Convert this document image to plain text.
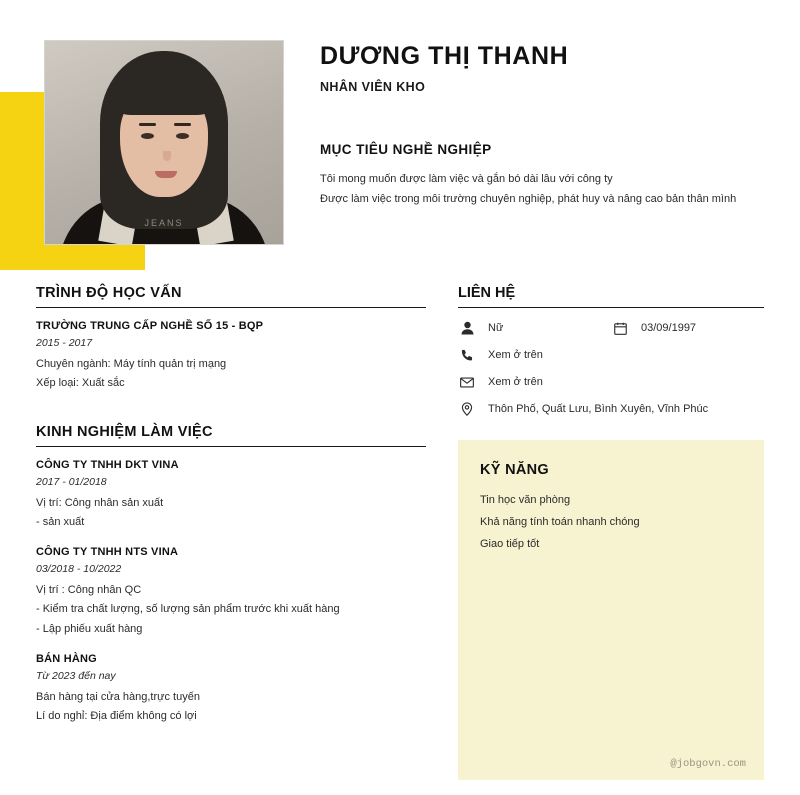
JEANS
DƯƠNG THỊ THANH

NHÂN VIÊN KHO

MỤC TIÊU NGHỀ NGHIỆP
Tôi mong muốn được làm việc và gắn bó dài lâu với công ty
Được làm việc trong môi trường chuyên nghiệp, phát huy và nâng cao bản thân mình
TRÌNH ĐỘ HỌC VẤN
TRƯỜNG TRUNG CẤP NGHỀ SỐ 15 - BQP
2015 - 2017
Chuyên ngành: Máy tính quản trị mạng
Xếp loại: Xuất sắc
KINH NGHIỆM LÀM VIỆC
CÔNG TY TNHH DKT VINA
2017 - 01/2018
Vị trí: Công nhân sản xuất
- sản xuất
CÔNG TY TNHH NTS VINA
03/2018 - 10/2022
Vị trí : Công nhân QC
- Kiểm tra chất lượng, số lượng sản phẩm trước khi xuất hàng
- Lập phiếu xuất hàng
BÁN HÀNG
Từ 2023 đến nay
Bán hàng tại cửa hàng,trực tuyến
Lí do nghỉ: Địa điểm không có lợi
LIÊN HỆ
Nữ	03/09/1997
Xem ở trên
Xem ở trên
Thôn Phố, Quất Lưu, Bình Xuyên, Vĩnh Phúc
KỸ NĂNG
Tin học văn phòng
Khả năng tính toán nhanh chóng
Giao tiếp tốt
@jobgovn.com
